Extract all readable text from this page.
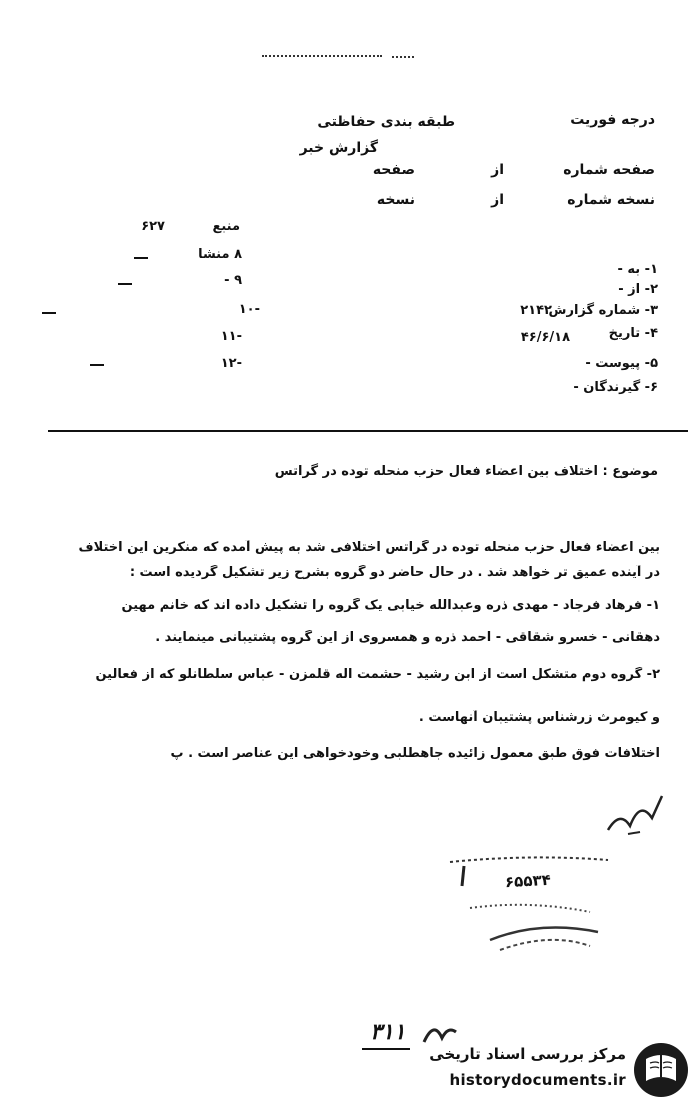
درجه فوریت
طبقه بندی حفاظتی
گزارش خبر
صفحه شماره
از
صفحه
نسخه شماره
از
نسخه
منبع
۶۲۷
۸ منشا
۹ -
-۱۰
-۱۱
-۱۲
۱- به -
۲- از -
۳- شماره گزارش
۲۱۴۲
۴- تاریخ
۴۶/۶/۱۸
۵- پیوست -
۶- گیرندگان -
موضوع : اختلاف بین اعضاء فعال حزب منحله توده در گراتس
بین اعضاء فعال حزب منحله توده در گراتس اختلافی شد به پیش آمده که منکرین این اختلاف
در آینده عمیق تر خواهد شد . در حال حاضر دو گروه بشرح زیر تشکیل گردیده است :
۱- فرهاد فرجاد - مهدی ذره وعبدالله خیابی یک گروه را تشکیل داده اند که خانم مهین
دهقانی - خسرو شقاقی - احمد ذره و همسروی از این گروه پشتیبانی مینمایند .
۲- گروه دوم متشکل است از ابن رشید - حشمت اله قلمزن - عباس سلطانلو که از فعالین
و کیومرث زرشناس پشتیبان آنهاست .
اختلافات فوق طبق معمول زائیده جاهطلبی وخودخواهی این عناصر است . پ
۶۵۵۳۴
۳۱۱
مرکز بررسی اسناد تاریخی
historydocuments.ir
